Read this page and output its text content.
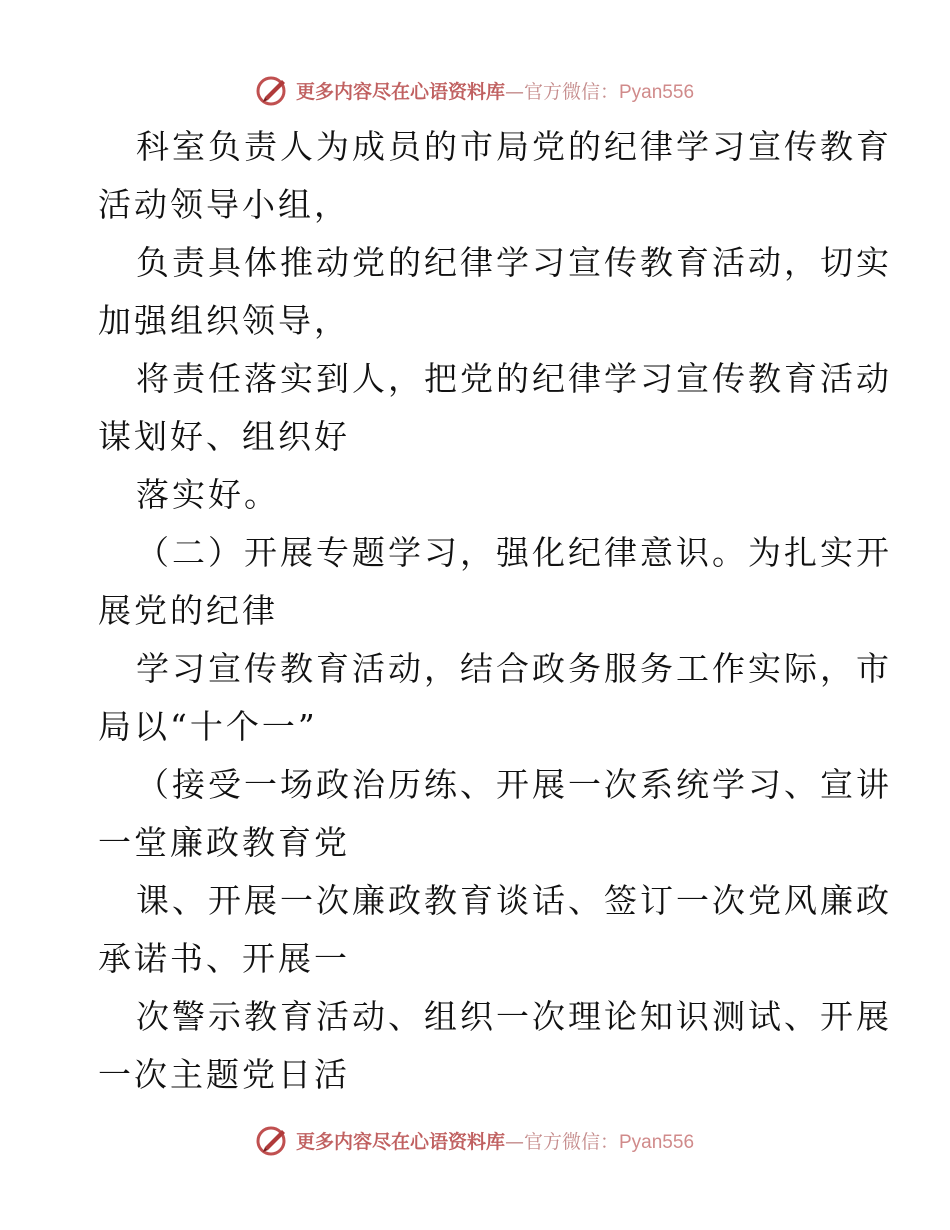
更多内容尽在心语资料库—官方微信：Pyan556
科室负责人为成员的市局党的纪律学习宣传教育
活动领导小组，
负责具体推动党的纪律学习宣传教育活动，切实
加强组织领导，
将责任落实到人，把党的纪律学习宣传教育活动
谋划好、组织好
落实好。
（二）开展专题学习，强化纪律意识。为扎实开
展党的纪律
学习宣传教育活动，结合政务服务工作实际，市
局以“十个一”
（接受一场政治历练、开展一次系统学习、宣讲
一堂廉政教育党
课、开展一次廉政教育谈话、签订一次党风廉政
承诺书、开展一
次警示教育活动、组织一次理论知识测试、开展
一次主题党日活
更多内容尽在心语资料库—官方微信：Pyan556
